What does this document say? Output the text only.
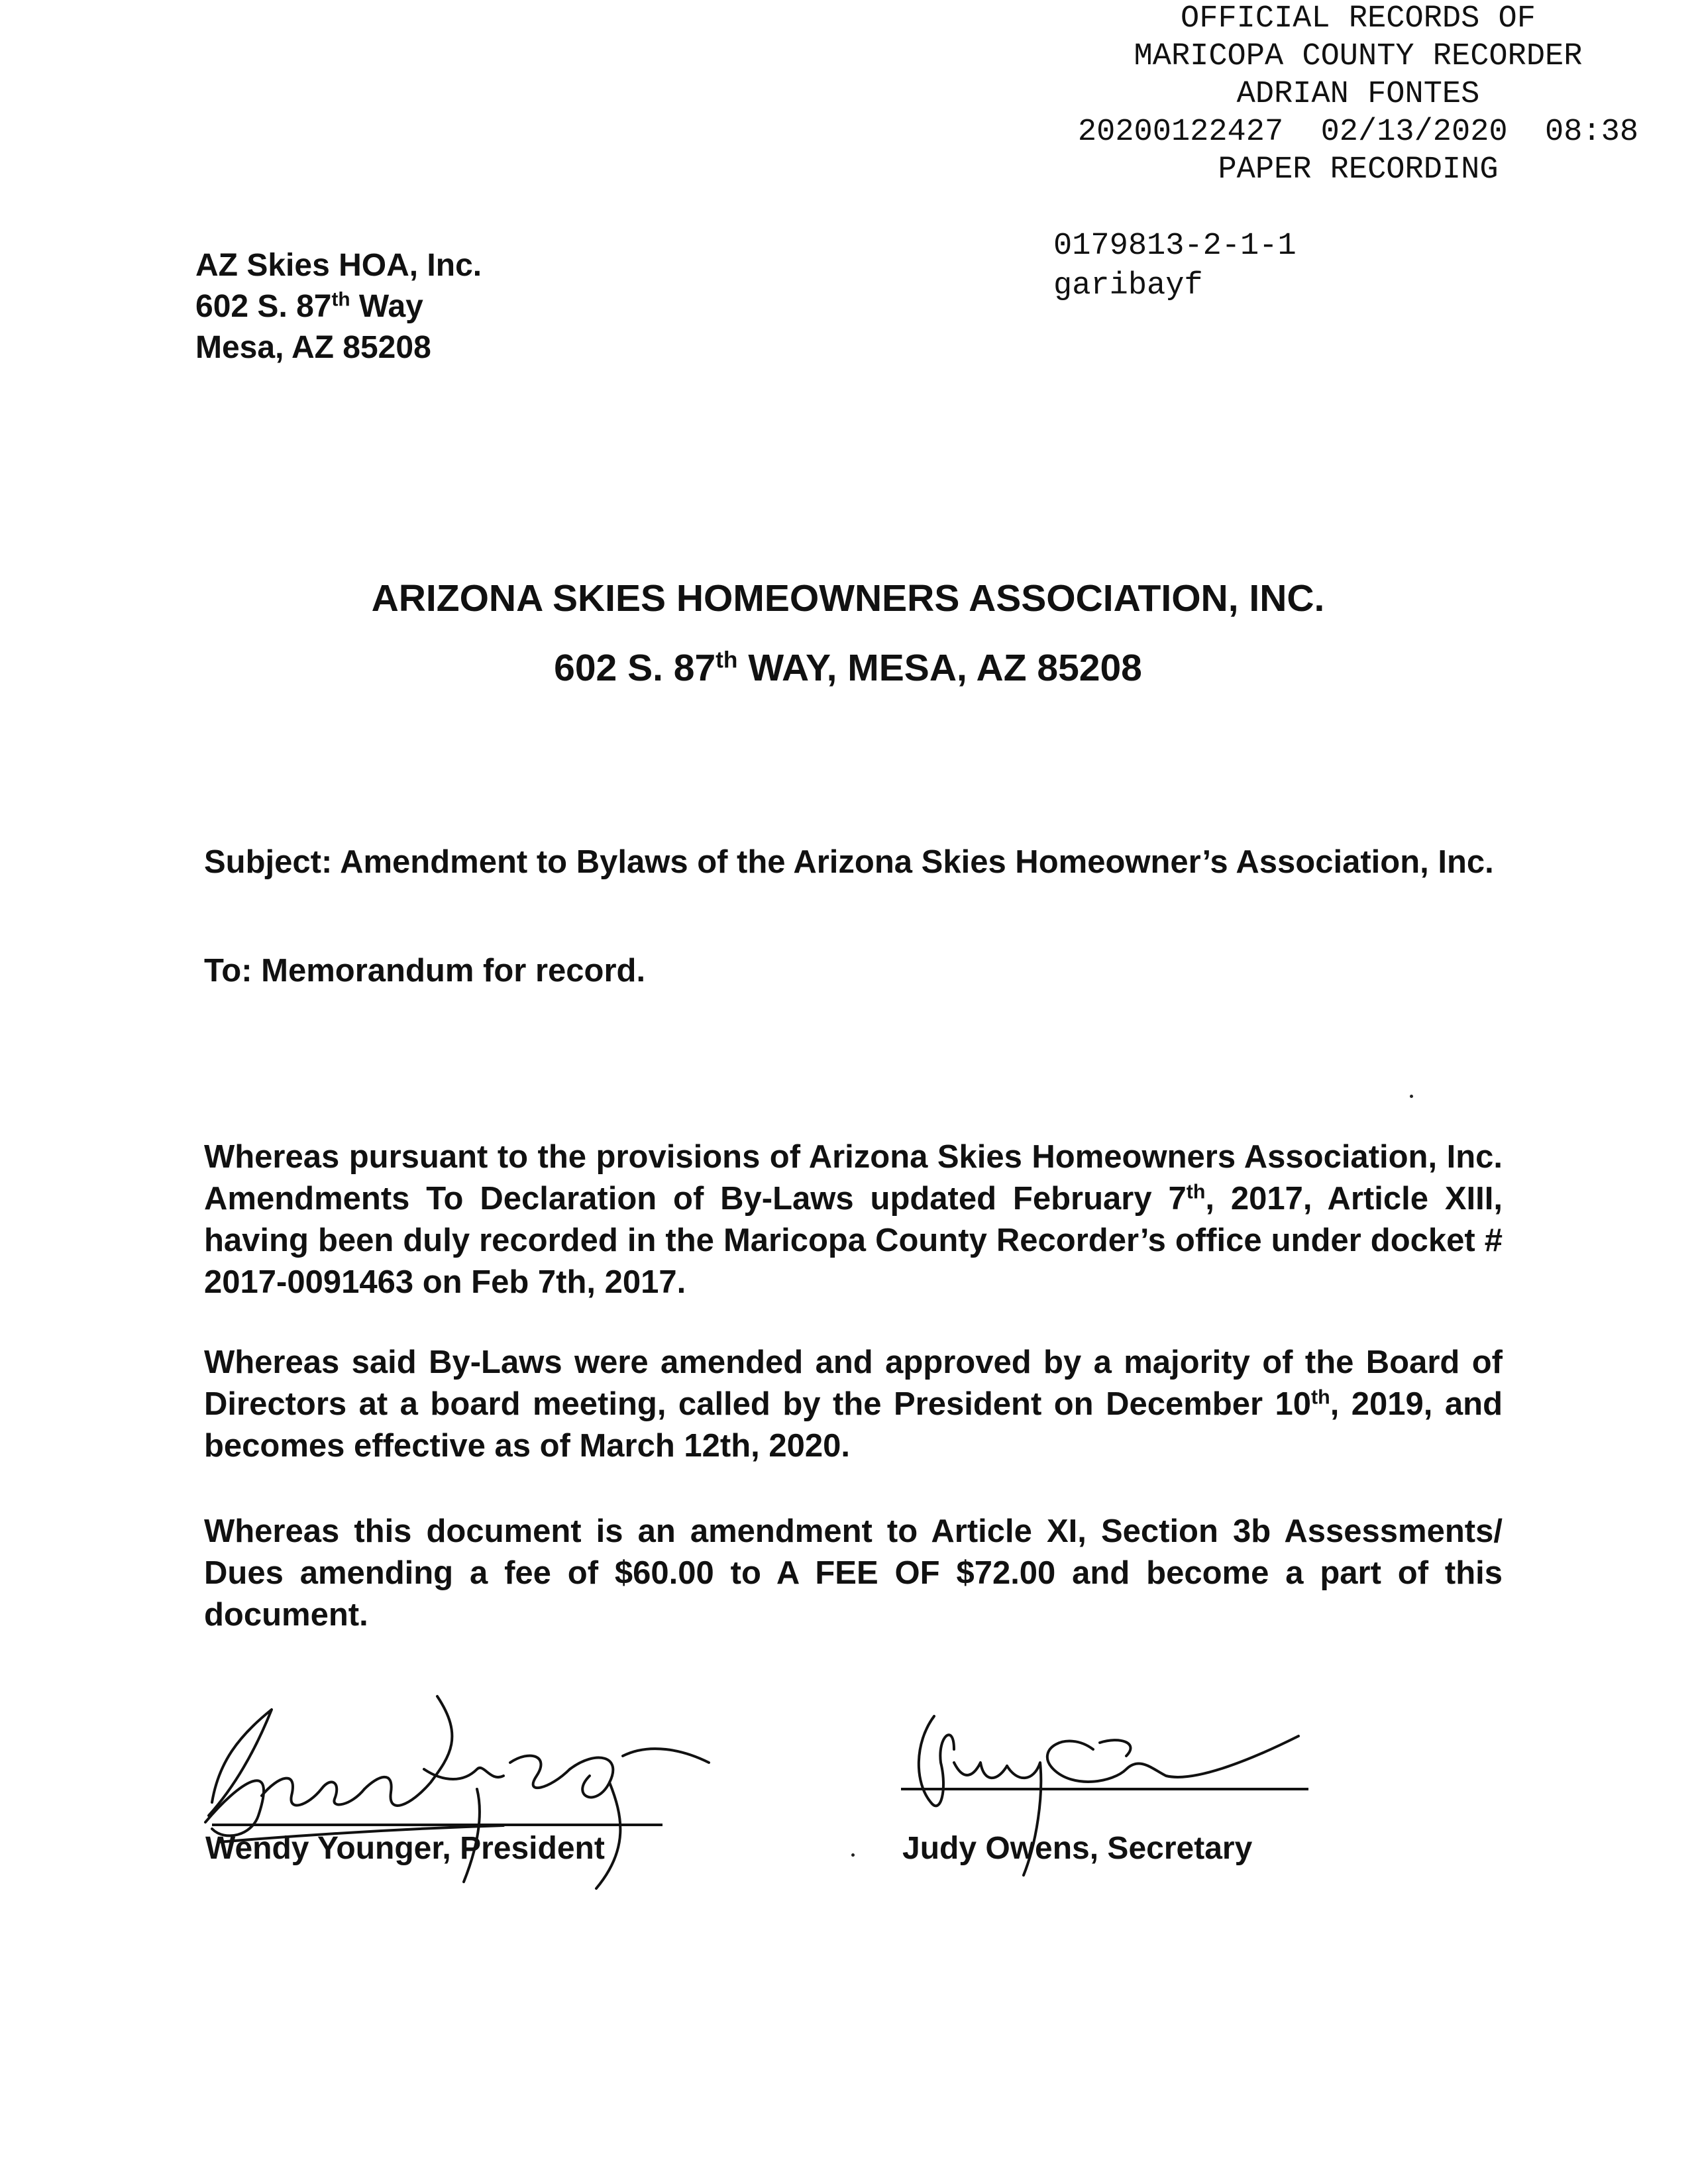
OFFICIAL RECORDS OF
MARICOPA COUNTY RECORDER
ADRIAN FONTES
20200122427  02/13/2020  08:38
PAPER RECORDING
0179813-2-1-1
garibayf
AZ Skies HOA, Inc.
602 S. 87th Way
Mesa, AZ 85208
ARIZONA SKIES HOMEOWNERS ASSOCIATION, INC.
602 S. 87th WAY, MESA, AZ 85208
Subject: Amendment to Bylaws of the Arizona Skies Homeowner’s Association, Inc.
To: Memorandum for record.
Whereas pursuant to the provisions of Arizona Skies Homeowners Association, Inc. Amendments To Declaration of By-Laws updated February 7th, 2017, Article XIII, having been duly recorded in the Maricopa County Recorder’s office under docket # 2017-0091463 on Feb 7th, 2017.
Whereas said By-Laws were amended and approved by a majority of the Board of Directors at a board meeting, called by the President on December 10th, 2019, and becomes effective as of March 12th, 2020.
Whereas this document is an amendment to Article XI, Section 3b Assessments/ Dues amending a fee of $60.00 to A FEE OF $72.00 and become a part of this document.
Wendy Younger, President	Judy Owens, Secretary
